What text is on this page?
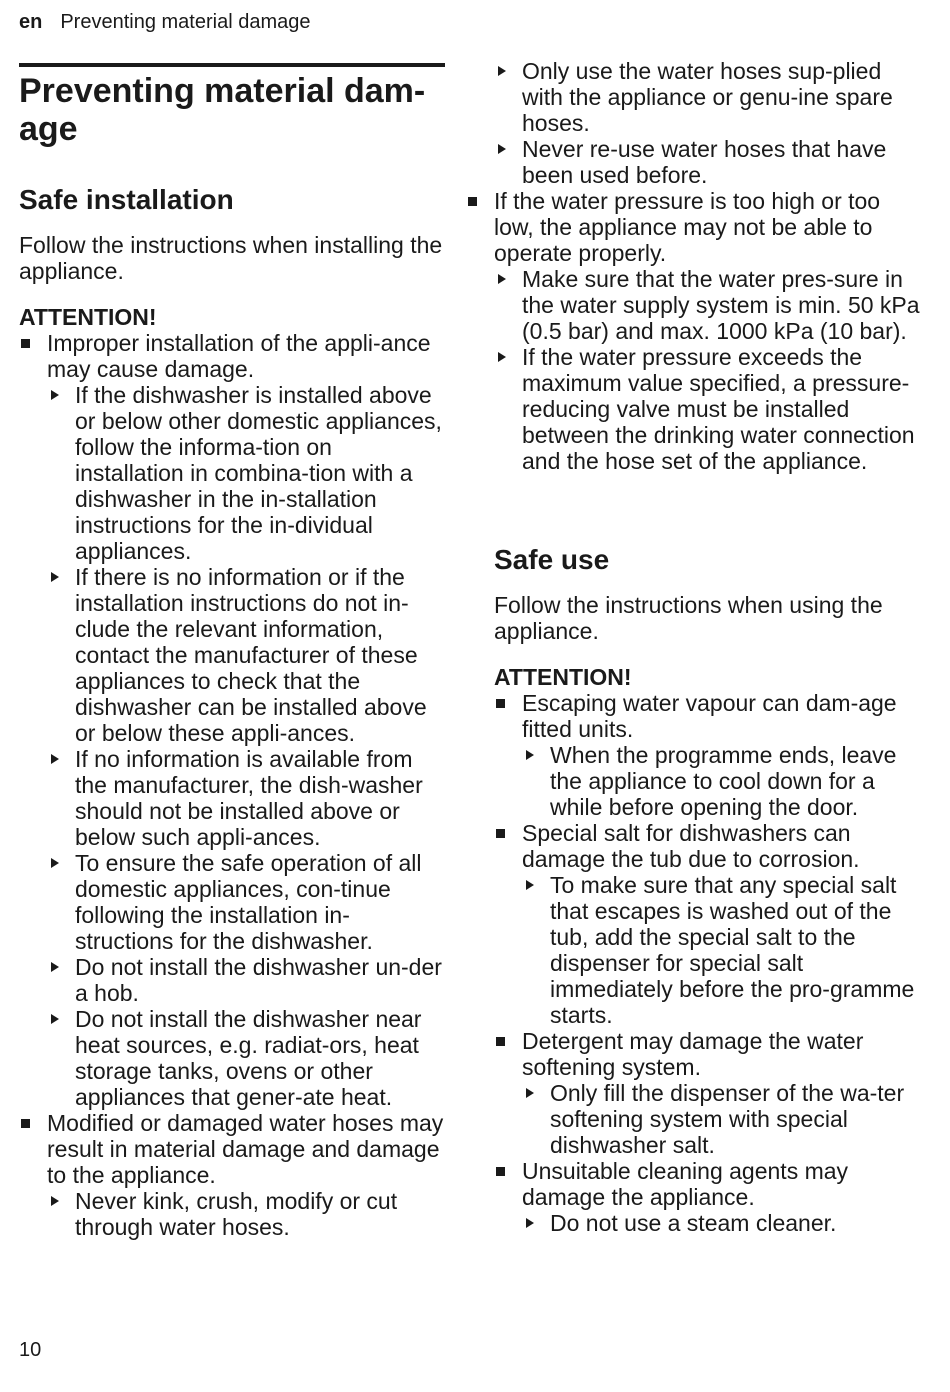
en Preventing material damage
Preventing material dam-
age
Safe installation

Follow the instructions when installing the appliance.

ATTENTION!

Improper installation of the appli-ance may cause damage.
If the dishwasher is installed above or below other domestic appliances, follow the informa-tion on installation in combina-tion with a dishwasher in the in-stallation instructions for the in-dividual appliances.
If there is no information or if the installation instructions do not in-clude the relevant information, contact the manufacturer of these appliances to check that the dishwasher can be installed above or below these appli-ances.
If no information is available from the manufacturer, the dish-washer should not be installed above or below such appli-ances.
To ensure the safe operation of all domestic appliances, con-tinue following the installation in-structions for the dishwasher.
Do not install the dishwasher un-der a hob.
Do not install the dishwasher near heat sources, e.g. radiat-ors, heat storage tanks, ovens or other appliances that gener-ate heat.
Modified or damaged water hoses may result in material damage and damage to the appliance.
Never kink, crush, modify or cut through water hoses.
Only use the water hoses sup-plied with the appliance or genu-ine spare hoses.
Never re-use water hoses that have been used before.
If the water pressure is too high or too low, the appliance may not be able to operate properly.
Make sure that the water pres-sure in the water supply system is min. 50 kPa (0.5 bar) and max. 1000 kPa (10 bar).
If the water pressure exceeds the maximum value specified, a pressure-reducing valve must be installed between the drinking water connection and the hose set of the appliance.
Safe use

Follow the instructions when using the appliance.

ATTENTION!

Escaping water vapour can dam-age fitted units.
When the programme ends, leave the appliance to cool down for a while before opening the door.
Special salt for dishwashers can damage the tub due to corrosion.
To make sure that any special salt that escapes is washed out of the tub, add the special salt to the dispenser for special salt immediately before the pro-gramme starts.
Detergent may damage the water softening system.
Only fill the dispenser of the wa-ter softening system with special dishwasher salt.
Unsuitable cleaning agents may damage the appliance.
Do not use a steam cleaner.
10
